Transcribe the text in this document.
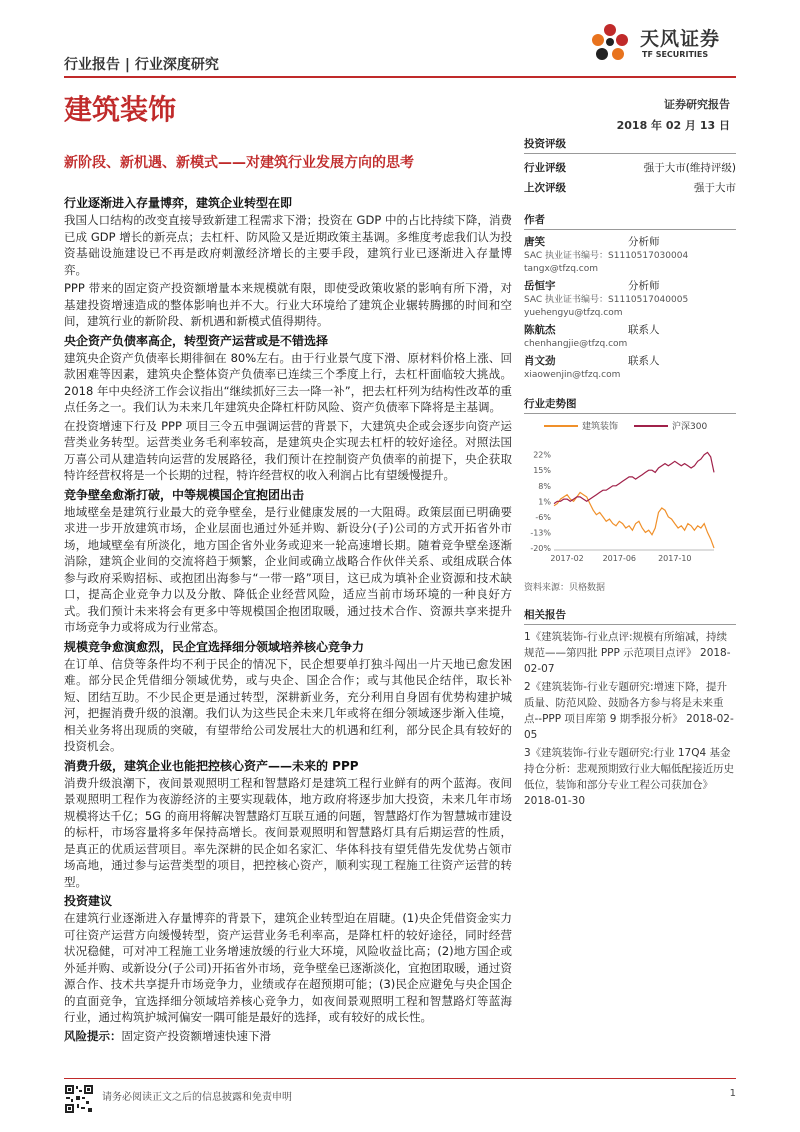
行业报告 | 行业深度研究
天风证券
TF SECURITIES
建筑装饰	证券研究报告
2018 年 02 月 13 日
新阶段、新机遇、新模式——对建筑行业发展方向的思考
行业逐渐进入存量博弈，建筑企业转型在即
我国人口结构的改变直接导致新建工程需求下滑；投资在 GDP 中的占比持续下降，消费已成 GDP 增长的新亮点；去杠杆、防风险又是近期政策主基调。多维度考虑我们认为投资基础设施建设已不再是政府刺激经济增长的主要手段，建筑行业已逐渐进入存量博弈。
PPP 带来的固定资产投资额增量本来规模就有限，即使受政策收紧的影响有所下滑，对基建投资增速造成的整体影响也并不大。行业大环境给了建筑企业辗转腾挪的时间和空间，建筑行业的新阶段、新机遇和新模式值得期待。
央企资产负债率高企，转型资产运营或是不错选择
建筑央企资产负债率长期徘徊在 80%左右。由于行业景气度下滑、原材料价格上涨、回款困难等因素，建筑央企整体资产负债率已连续三个季度上行，去杠杆面临较大挑战。2018 年中央经济工作会议指出“继续抓好三去一降一补”，把去杠杆列为结构性改革的重点任务之一。我们认为未来几年建筑央企降杠杆防风险、资产负债率下降将是主基调。
在投资增速下行及 PPP 项目三令五申强调运营的背景下，大建筑央企或会逐步向资产运营类业务转型。运营类业务毛利率较高，是建筑央企实现去杠杆的较好途径。对照法国万喜公司从建造转向运营的发展路径，我们预计在控制资产负债率的前提下，央企获取特许经营权将是一个长期的过程，特许经营权的收入利润占比有望缓慢提升。
竞争壁垒愈渐打破，中等规模国企宜抱团出击
地域壁垒是建筑行业最大的竞争壁垒，是行业健康发展的一大阻碍。政策层面已明确要求进一步开放建筑市场，企业层面也通过外延并购、新设分(子)公司的方式开拓省外市场，地域壁垒有所淡化，地方国企省外业务或迎来一轮高速增长期。随着竞争壁垒逐渐消除，建筑企业间的交流将趋于频繁，企业间或确立战略合作伙伴关系、或组成联合体参与政府采购招标、或抱团出海参与“一带一路”项目，这已成为填补企业资源和技术缺口，提高企业竞争力以及分散、降低企业经营风险，适应当前市场环境的一种良好方式。我们预计未来将会有更多中等规模国企抱团取暖，通过技术合作、资源共享来提升市场竞争力或将成为行业常态。
规模竞争愈演愈烈，民企宜选择细分领域培养核心竞争力
在订单、信贷等条件均不利于民企的情况下，民企想要单打独斗闯出一片天地已愈发困难。部分民企凭借细分领域优势，或与央企、国企合作；或与其他民企结伴，取长补短、团结互助。不少民企更是通过转型，深耕新业务，充分利用自身固有优势构建护城河，把握消费升级的浪潮。我们认为这些民企未来几年或将在细分领域逐步渐入佳境，相关业务将出现质的突破，有望带给公司发展壮大的机遇和红利，部分民企具有较好的投资机会。
消费升级，建筑企业也能把控核心资产——未来的 PPP
消费升级浪潮下，夜间景观照明工程和智慧路灯是建筑工程行业鲜有的两个蓝海。夜间景观照明工程作为夜游经济的主要实现载体，地方政府将逐步加大投资，未来几年市场规模将达千亿；5G 的商用将解决智慧路灯互联互通的问题，智慧路灯作为智慧城市建设的标杆，市场容量将多年保持高增长。夜间景观照明和智慧路灯具有后期运营的性质，是真正的优质运营项目。率先深耕的民企如名家汇、华体科技有望凭借先发优势占领市场高地，通过参与运营类型的项目，把控核心资产，顺利实现工程施工往资产运营的转型。
投资建议
在建筑行业逐渐进入存量博弈的背景下，建筑企业转型迫在眉睫。(1)央企凭借资金实力可往资产运营方向缓慢转型，资产运营业务毛利率高，是降杠杆的较好途径，同时经营状况稳健，可对冲工程施工业务增速放缓的行业大环境，风险收益比高；(2)地方国企或外延并购、或新设分(子公司)开拓省外市场，竞争壁垒已逐渐淡化，宜抱团取暖，通过资源合作、技术共享提升市场竞争力，业绩或存在超预期可能；(3)民企应避免与央企国企的直面竞争，宜选择细分领域培养核心竞争力，如夜间景观照明工程和智慧路灯等蓝海行业，通过构筑护城河偏安一隅可能是最好的选择，或有较好的成长性。
风险提示：固定资产投资额增速快速下滑
投资评级
行业评级	强于大市(维持评级)
上次评级	强于大市
作者
唐笑	分析师
SAC 执业证书编号：S1110517030004
tangx@tfzq.com
岳恒宇	分析师
SAC 执业证书编号：S1110517040005
yuehengyu@tfzq.com
陈航杰	联系人
chenhangjie@tfzq.com
肖文劲	联系人
xiaowenjin@tfzq.com
行业走势图
建筑装饰	沪深300
22%
15%
8%
1%
-6%
-13%
-20%
2017-02 2017-06	2017-10
资料来源：贝格数据
相关报告
1《建筑装饰-行业点评:规模有所缩减，持续规范——第四批 PPP 示范项目点评》 2018-02-07
2《建筑装饰-行业专题研究:增速下降，提升质量、防范风险、鼓励各方参与将是未来重点--PPP 项目库第 9 期季报分析》 2018-02-05
3《建筑装饰-行业专题研究:行业 17Q4 基金持仓分析：悲观预期致行业大幅低配接近历史低位，装饰和部分专业工程公司获加仓》 2018-01-30
请务必阅读正文之后的信息披露和免责申明	1
